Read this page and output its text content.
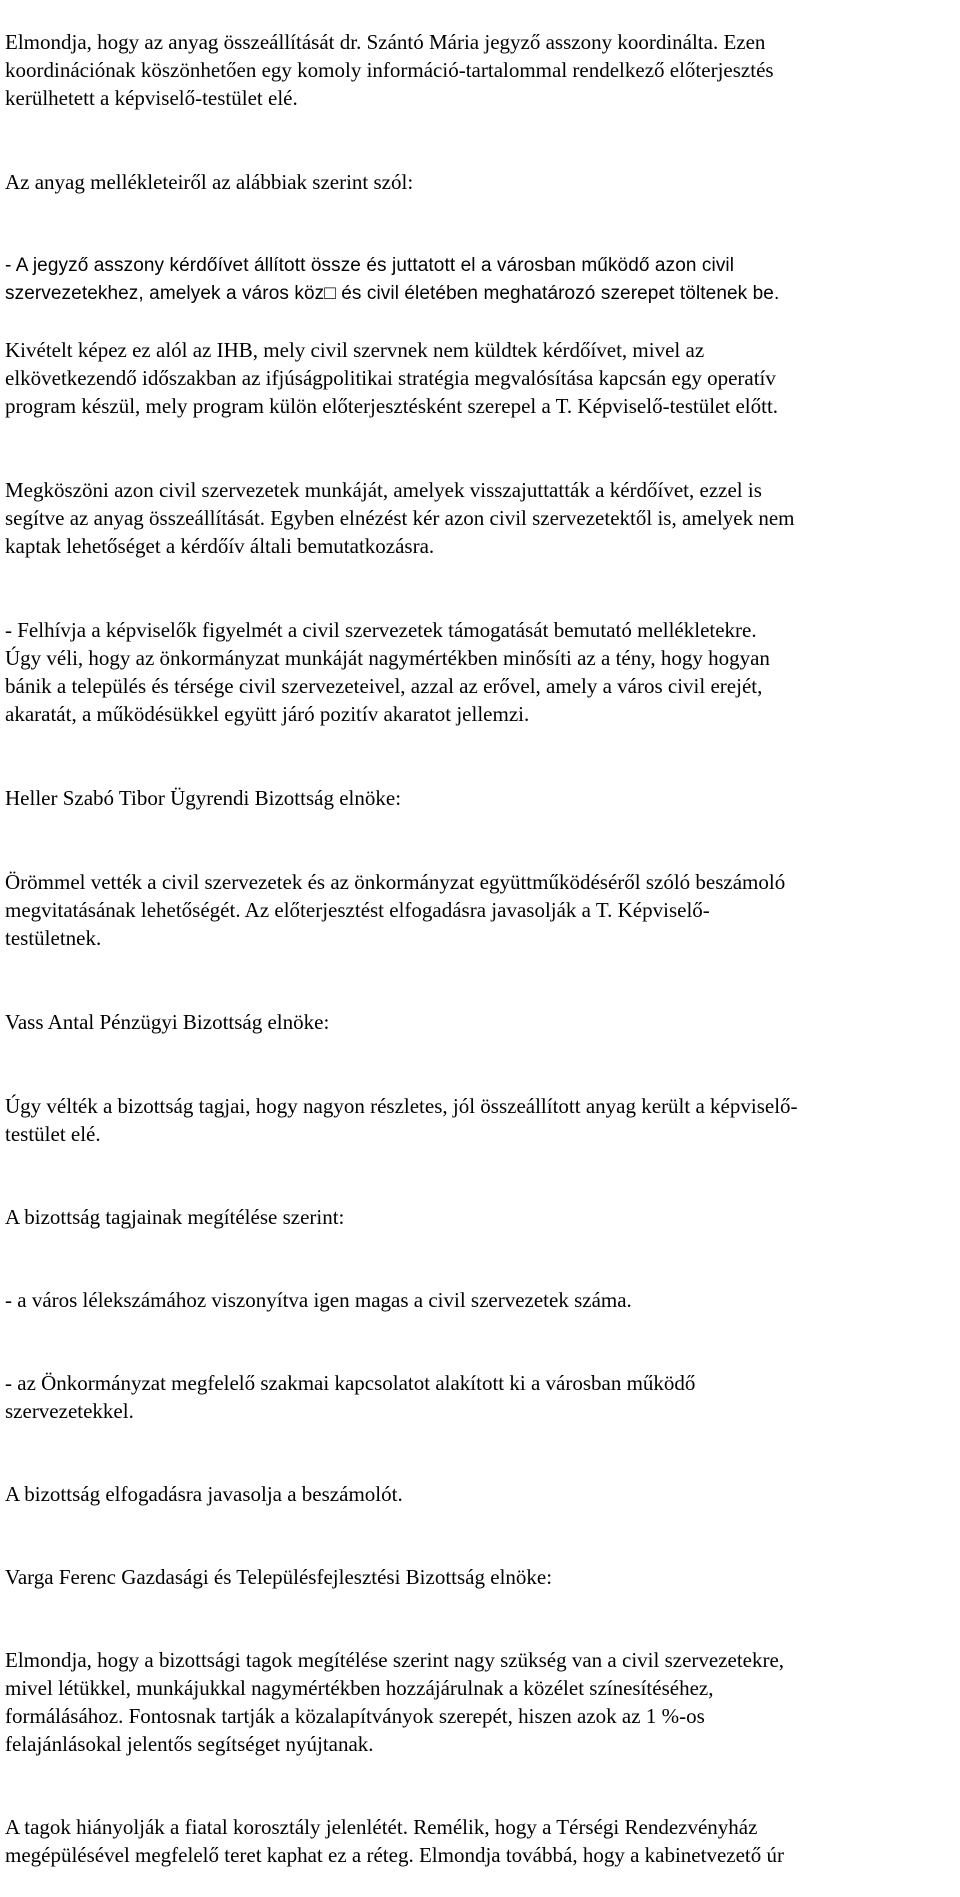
Elmondja, hogy az anyag összeállítását dr. Szántó Mária jegyző asszony koordinálta. Ezen
koordinációnak köszönhetően egy komoly információ-tartalommal rendelkező előterjesztés
kerülhetett a képviselő-testület elé.

Az anyag mellékleteiről az alábbiak szerint szól:

- A jegyző asszony kérdőívet állított össze és juttatott el a városban működő azon civil
szervezetekhez, amelyek a város köz□ és civil életében meghatározó szerepet töltenek be.

Kivételt képez ez alól az IHB, mely civil szervnek nem küldtek kérdőívet, mivel az
elkövetkezendő időszakban az ifjúságpolitikai stratégia megvalósítása kapcsán egy operatív
program készül, mely program külön előterjesztésként szerepel a T. Képviselő-testület előtt.

Megköszöni azon civil szervezetek munkáját, amelyek visszajuttatták a kérdőívet, ezzel is
segítve az anyag összeállítását. Egyben elnézést kér azon civil szervezetektől is, amelyek nem
kaptak lehetőséget a kérdőív általi bemutatkozásra.

- Felhívja a képviselők figyelmét a civil szervezetek támogatását bemutató mellékletekre.
Úgy véli, hogy az önkormányzat munkáját nagymértékben minősíti az a tény, hogy hogyan
bánik a település és térsége civil szervezeteivel, azzal az erővel, amely a város civil erejét,
akaratát, a működésükkel együtt járó pozitív akaratot jellemzi.

Heller Szabó Tibor Ügyrendi Bizottság elnöke:

Örömmel vették a civil szervezetek és az önkormányzat együttműködéséről szóló beszámoló
megvitatásának lehetőségét. Az előterjesztést elfogadásra javasolják a T. Képviselő-
testületnek.

Vass Antal Pénzügyi Bizottság elnöke:

Úgy vélték a bizottság tagjai, hogy nagyon részletes, jól összeállított anyag került a képviselő-
testület elé.

A bizottság tagjainak megítélése szerint:

- a város lélekszámához viszonyítva igen magas a civil szervezetek száma.

- az Önkormányzat megfelelő szakmai kapcsolatot alakított ki a városban működő
szervezetekkel.

A bizottság elfogadásra javasolja a beszámolót.

Varga Ferenc Gazdasági és Településfejlesztési Bizottság elnöke:

Elmondja, hogy a bizottsági tagok megítélése szerint nagy szükség van a civil szervezetekre,
mivel létükkel, munkájukkal nagymértékben hozzájárulnak a közélet színesítéséhez,
formálásához. Fontosnak tartják a közalapítványok szerepét, hiszen azok az 1 %-os
felajánlásokal jelentős segítséget nyújtanak.

A tagok hiányolják a fiatal korosztály jelenlétét. Remélik, hogy a Térségi Rendezvényház
megépülésével megfelelő teret kaphat ez a réteg. Elmondja továbbá, hogy a kabinetvezető úr
